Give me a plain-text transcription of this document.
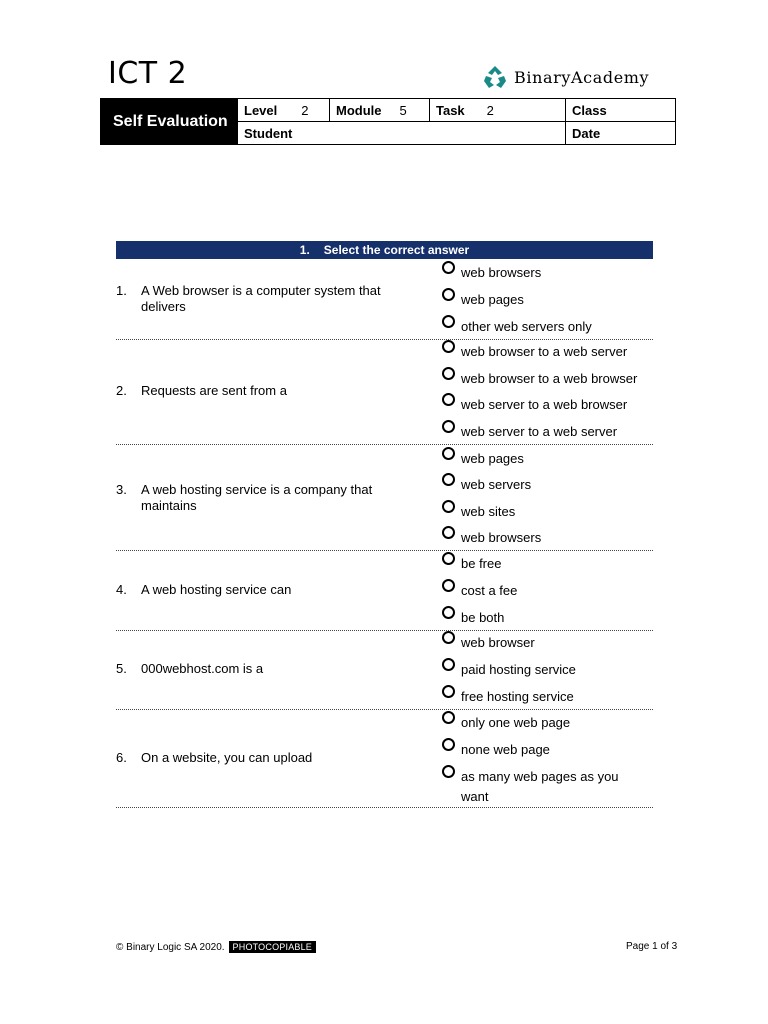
ICT 2	BinaryAcademy
Self Evaluation	Level 2	Module 5	Task 2	Class
	Student			Date
1. Select the correct answer
1.	A Web browser is a computer system that delivers
web browsers
web pages
other web servers only
2.	Requests are sent from a
web browser to a web server
web browser to a web browser
web server to a web browser
web server to a web server
3.	A web hosting service is a company that maintains
web pages
web servers
web sites
web browsers
4.	A web hosting service can
be free
cost a fee
be both
5.	000webhost.com is a
web browser
paid hosting service
free hosting service
6.	On a website, you can upload
only one web page
none web page
as many web pages as you want
© Binary Logic SA 2020. PHOTOCOPIABLE	Page 1 of 3
